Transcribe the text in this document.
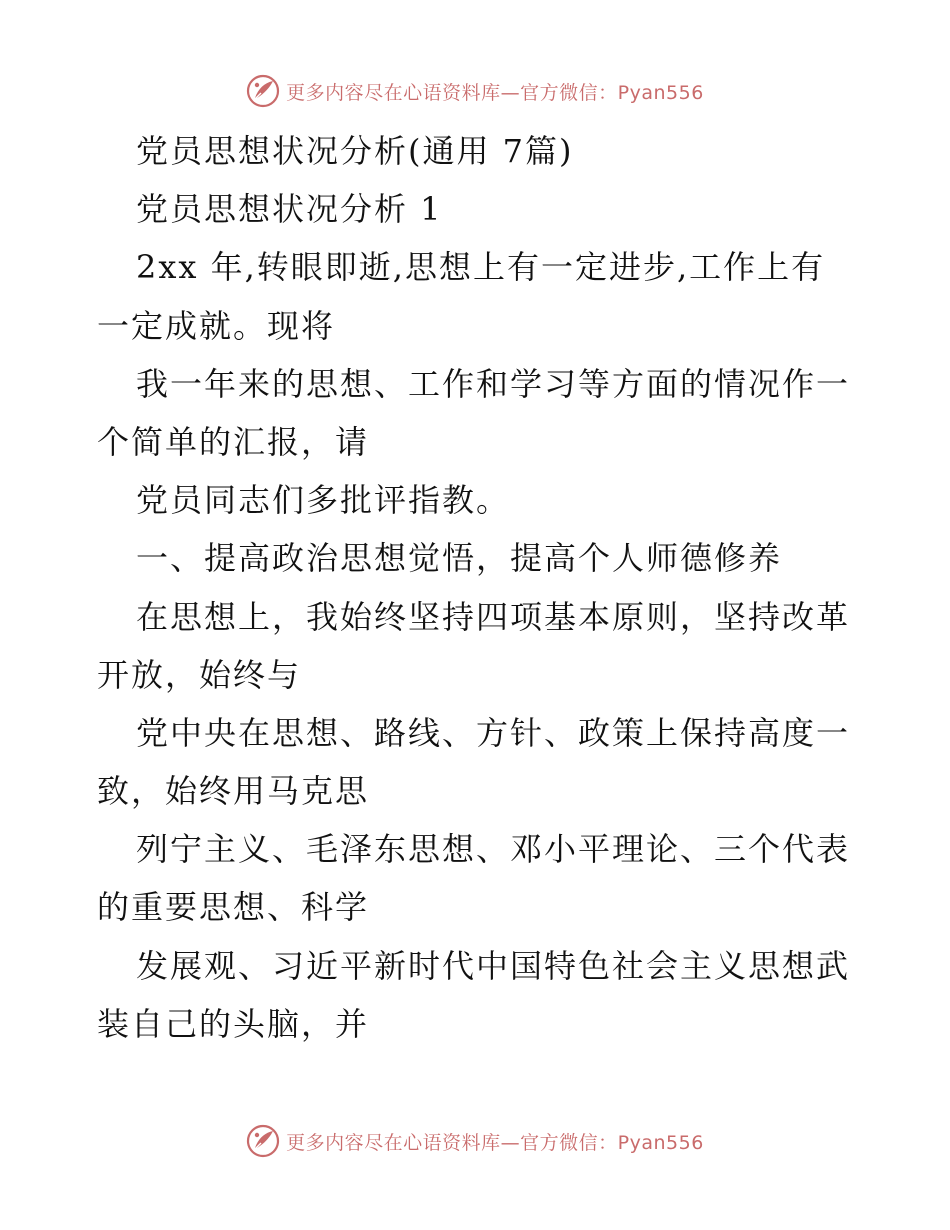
更多内容尽在心语资料库—官方微信：Pyan556
党员思想状况分析(通用 7篇)
党员思想状况分析 1
2xx 年,转眼即逝,思想上有一定进步,工作上有
一定成就。现将
我一年来的思想、工作和学习等方面的情况作一
个简单的汇报，请
党员同志们多批评指教。
一、提高政治思想觉悟，提高个人师德修养
在思想上，我始终坚持四项基本原则，坚持改革
开放，始终与
党中央在思想、路线、方针、政策上保持高度一
致，始终用马克思
列宁主义、毛泽东思想、邓小平理论、三个代表
的重要思想、科学
发展观、习近平新时代中国特色社会主义思想武
装自己的头脑，并
更多内容尽在心语资料库—官方微信：Pyan556
